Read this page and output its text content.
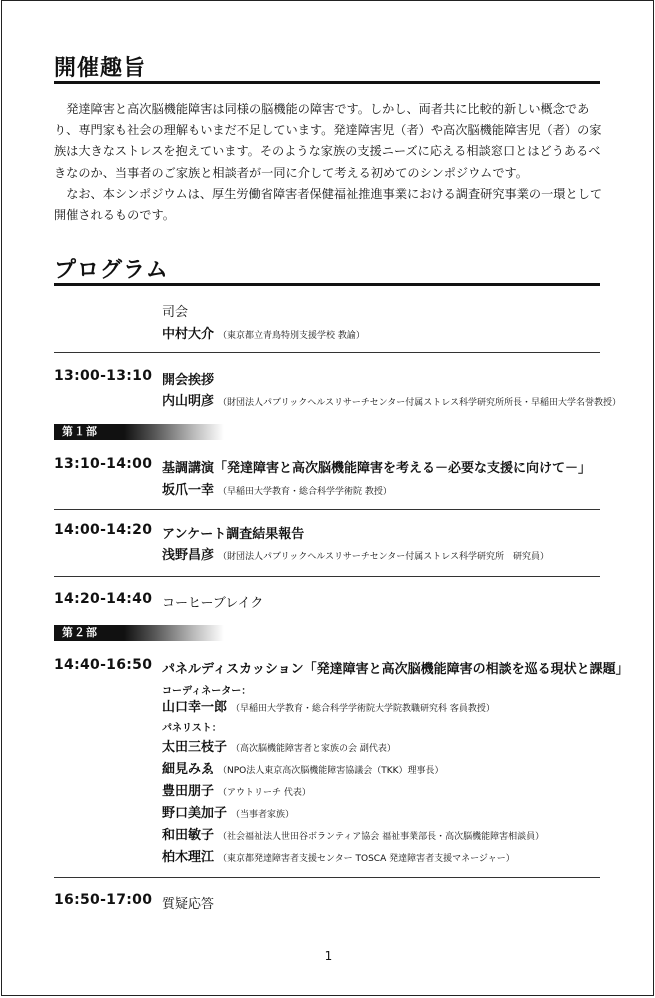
開催趣旨

発達障害と高次脳機能障害は同様の脳機能の障害です。しかし、両者共に比較的新しい概念であり、専門家も社会の理解もいまだ不足しています。発達障害児（者）や高次脳機能障害児（者）の家族は大きなストレスを抱えています。そのような家族の支援ニーズに応える相談窓口とはどうあるべきなのか、当事者のご家族と相談者が一同に介して考える初めてのシンポジウムです。

なお、本シンポジウムは、厚生労働省障害者保健福祉推進事業における調査研究事業の一環として開催されるものです。

プログラム
司会
中村大介 （東京都立青鳥特別支援学校 教諭）
13:00-13:10 開会挨拶
内山明彦 （財団法人パブリックヘルスリサーチセンター付属ストレス科学研究所所長・早稲田大学名誉教授）
第１部
13:10-14:00 基調講演「発達障害と高次脳機能障害を考える－必要な支援に向けて－」
坂爪一幸 （早稲田大学教育・総合科学学術院 教授）
14:00-14:20 アンケート調査結果報告
浅野昌彦 （財団法人パブリックヘルスリサーチセンター付属ストレス科学研究所　研究員）
14:20-14:40 コーヒーブレイク
第２部
14:40-16:50 パネルディスカッション「発達障害と高次脳機能障害の相談を巡る現状と課題」
コーディネーター：
山口幸一郎 （早稲田大学教育・総合科学学術院大学院教職研究科 客員教授）
パネリスト：
太田三枝子 （高次脳機能障害者と家族の会 副代表）
細見みゑ （NPO法人東京高次脳機能障害協議会（TKK）理事長）
豊田朋子 （アウトリーチ 代表）
野口美加子 （当事者家族）
和田敏子 （社会福祉法人世田谷ボランティア協会 福祉事業部長・高次脳機能障害相談員）
柏木理江 （東京都発達障害者支援センター TOSCA 発達障害者支援マネージャー）
16:50-17:00 質疑応答
1
